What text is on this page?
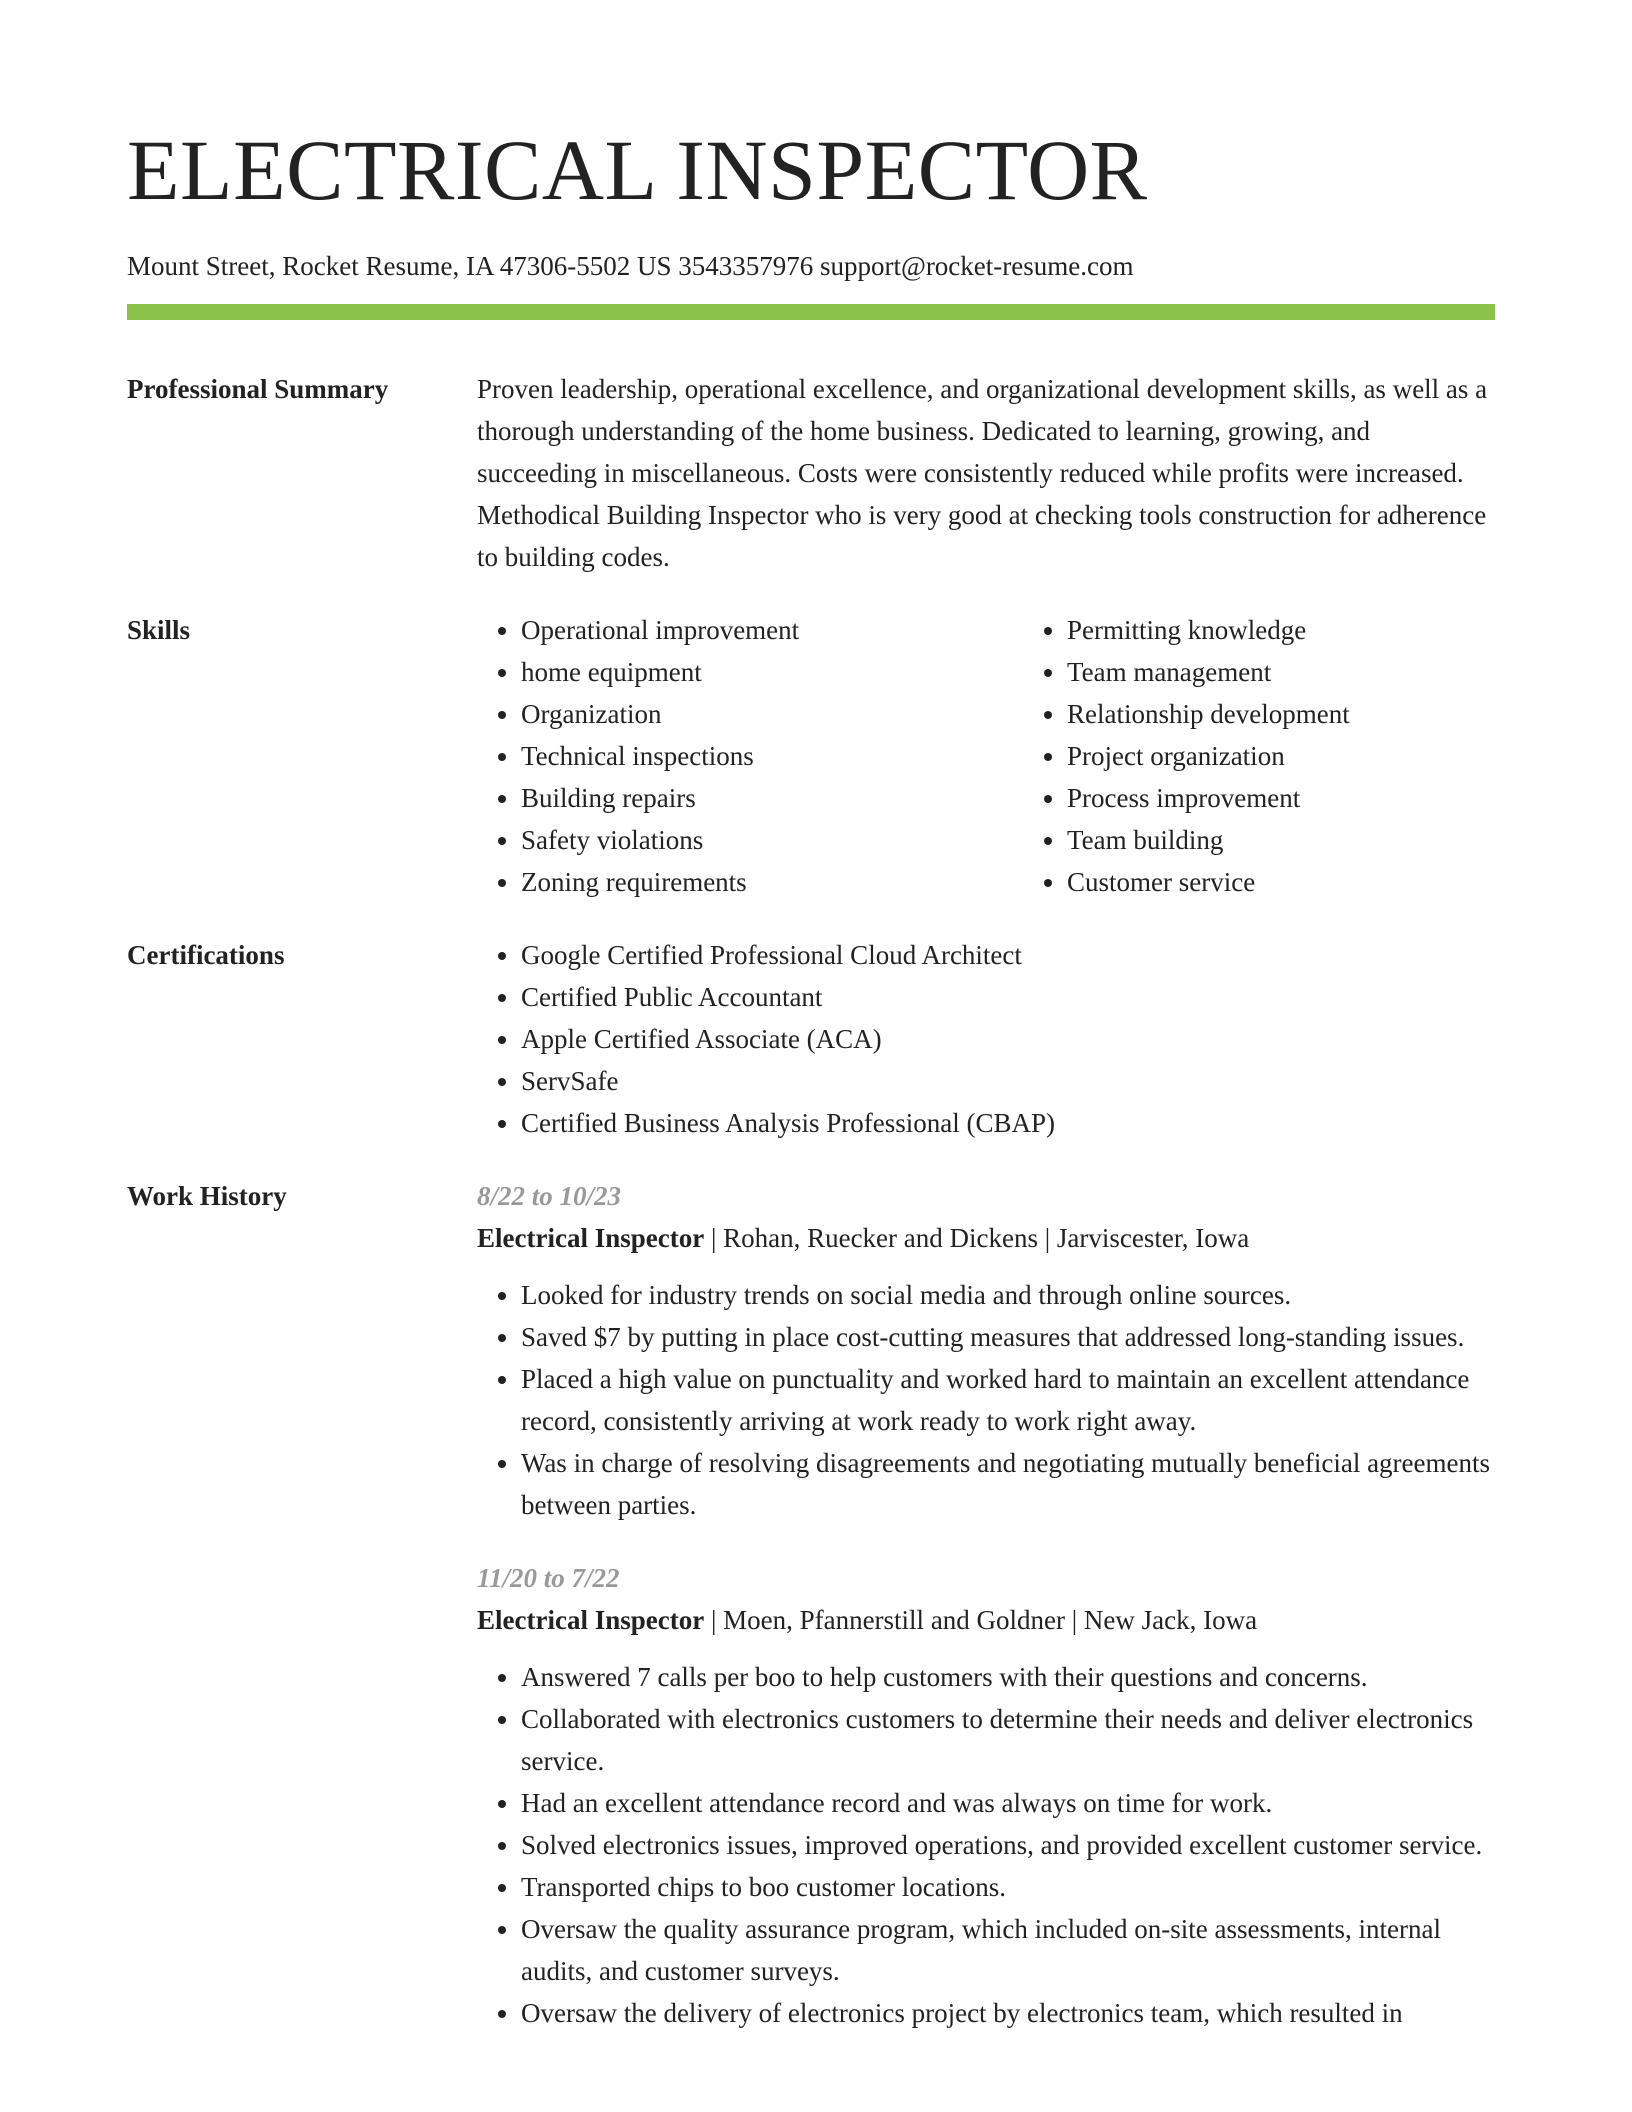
ELECTRICAL INSPECTOR
Mount Street, Rocket Resume, IA 47306-5502 US 3543357976 support@rocket-resume.com
Professional Summary	Proven leadership, operational excellence, and organizational development skills, as well as a thorough understanding of the home business. Dedicated to learning, growing, and succeeding in miscellaneous. Costs were consistently reduced while profits were increased. Methodical Building Inspector who is very good at checking tools construction for adherence to building codes.
Skills	• Operational improvement
• home equipment
• Organization
• Technical inspections
• Building repairs
• Safety violations
• Zoning requirements
• Permitting knowledge
• Team management
• Relationship development
• Project organization
• Process improvement
• Team building
• Customer service
Certifications	• Google Certified Professional Cloud Architect
• Certified Public Accountant
• Apple Certified Associate (ACA)
• ServSafe
• Certified Business Analysis Professional (CBAP)
Work History	8/22 to 10/23
Electrical Inspector | Rohan, Ruecker and Dickens | Jarviscester, Iowa
• Looked for industry trends on social media and through online sources.
• Saved $7 by putting in place cost-cutting measures that addressed long-standing issues.
• Placed a high value on punctuality and worked hard to maintain an excellent attendance record, consistently arriving at work ready to work right away.
• Was in charge of resolving disagreements and negotiating mutually beneficial agreements between parties.
11/20 to 7/22
Electrical Inspector | Moen, Pfannerstill and Goldner | New Jack, Iowa
• Answered 7 calls per boo to help customers with their questions and concerns.
• Collaborated with electronics customers to determine their needs and deliver electronics service.
• Had an excellent attendance record and was always on time for work.
• Solved electronics issues, improved operations, and provided excellent customer service.
• Transported chips to boo customer locations.
• Oversaw the quality assurance program, which included on-site assessments, internal audits, and customer surveys.
• Oversaw the delivery of electronics project by electronics team, which resulted in
